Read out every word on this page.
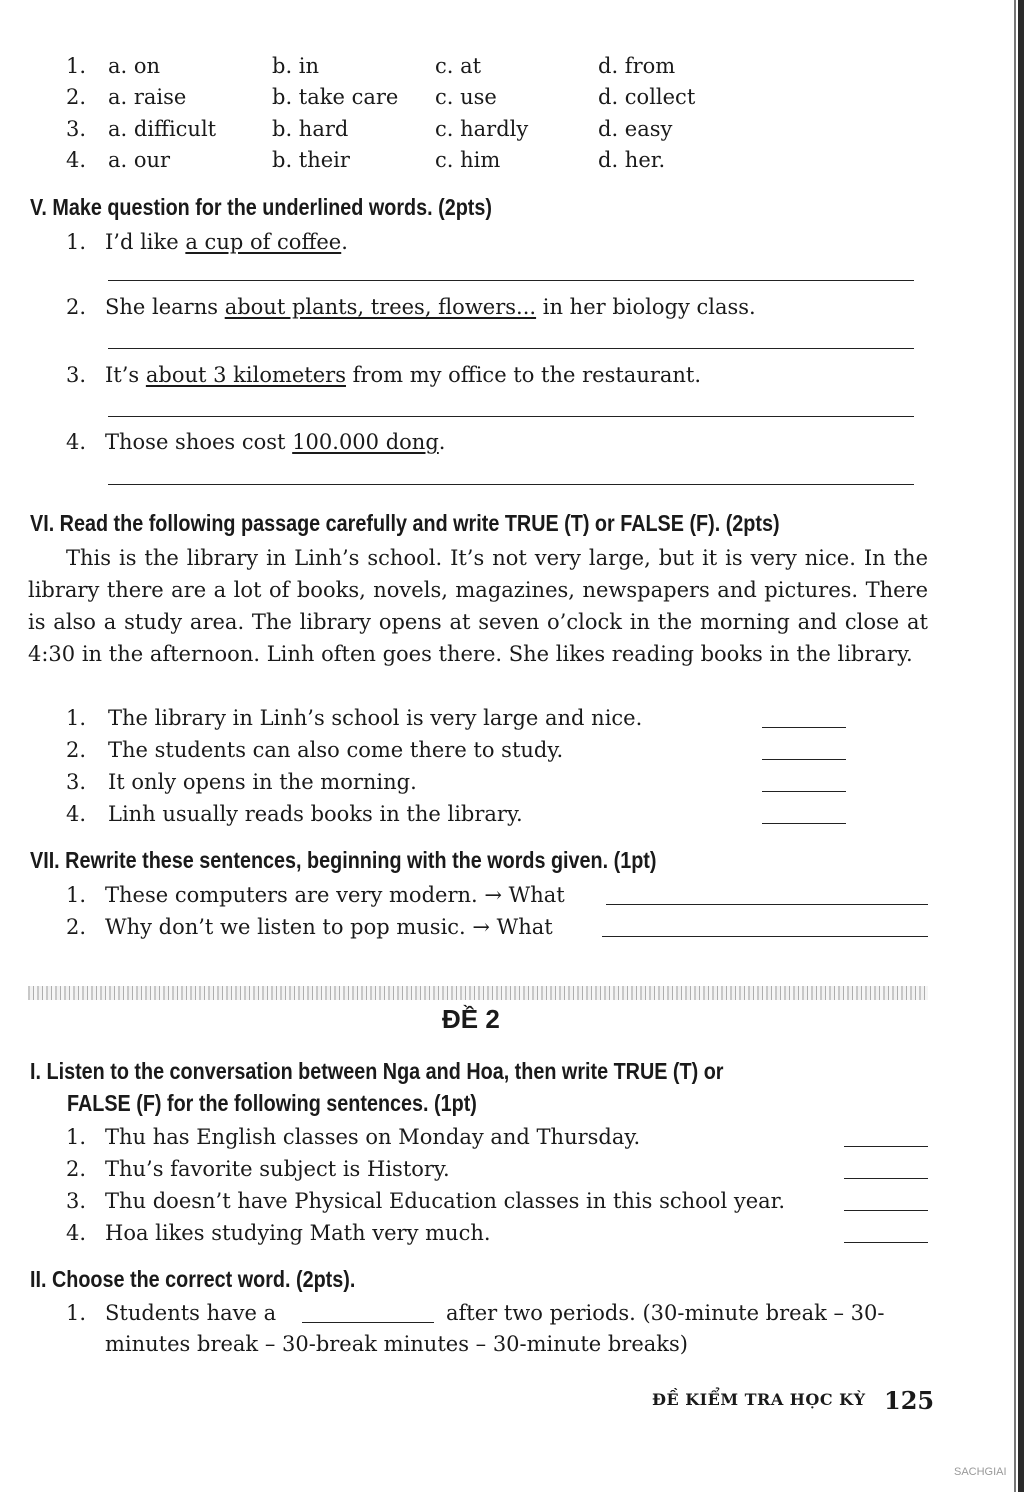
1. a. on	b. in	c. at	d. from
2. a. raise	b. take care c. use	d. collect
3. a. difficult	b. hard	c. hardly	d. easy
4. a. our	b. their	c. him	d. her.
V. Make question for the underlined words. (2pts)
1. I’d like a cup of coffee.
2. She learns about plants, trees, flowers... in her biology class.
3. It’s about 3 kilometers from my office to the restaurant.
4. Those shoes cost 100.000 dong.
VI. Read the following passage carefully and write TRUE (T) or FALSE (F). (2pts)
This is the library in Linh’s school. It’s not very large, but it is very nice. In the library there are a lot of books, novels, magazines, newspapers and pictures. There is also a study area. The library opens at seven o’clock in the morning and close at 4:30 in the afternoon. Linh often goes there. She likes reading books in the library.
1. The library in Linh’s school is very large and nice.
2. The students can also come there to study.
3. It only opens in the morning.
4. Linh usually reads books in the library.
VII. Rewrite these sentences, beginning with the words given. (1pt)
1. These computers are very modern. → What
2. Why don’t we listen to pop music. → What
ĐỀ 2
I. Listen to the conversation between Nga and Hoa, then write TRUE (T) or
FALSE (F) for the following sentences. (1pt)
1. Thu has English classes on Monday and Thursday.
2. Thu’s favorite subject is History.
3. Thu doesn’t have Physical Education classes in this school year.
4. Hoa likes studying Math very much.
II. Choose the correct word. (2pts).
1. Students have a	after two periods. (30-minute break – 30-
minutes break – 30-break minutes – 30-minute breaks)
ĐỀ KIỂM TRA HỌC KỲ 125
SACHGIAI
